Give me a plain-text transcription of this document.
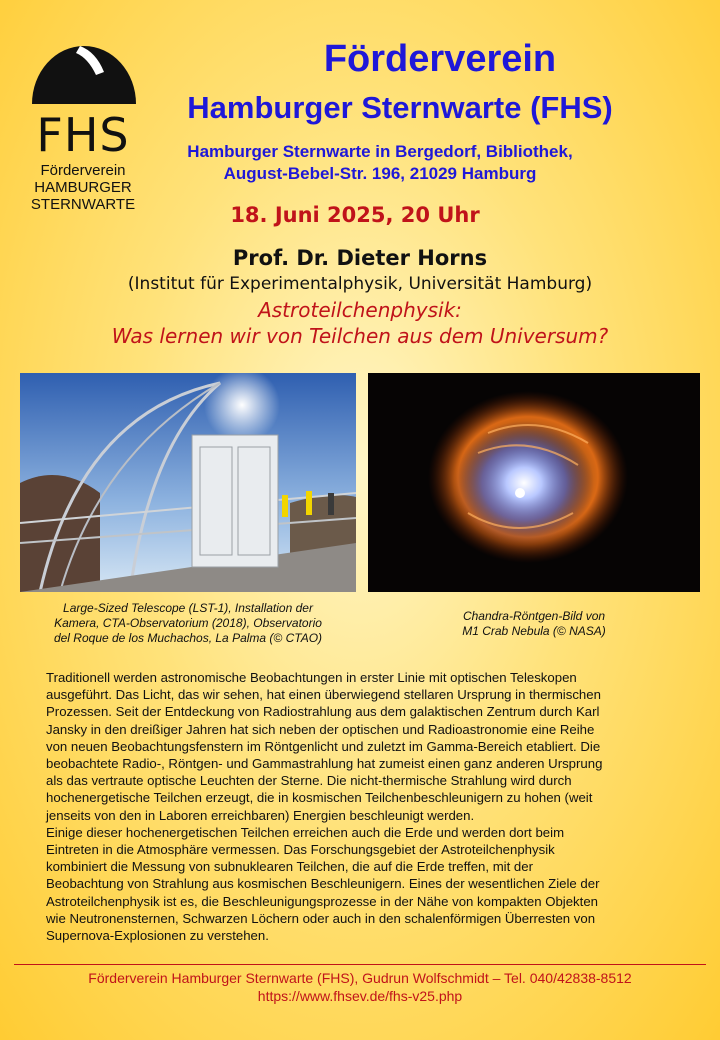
FHS
Förderverein
HAMBURGER
STERNWARTE
Förderverein
Hamburger Sternwarte (FHS)
Hamburger Sternwarte in Bergedorf, Bibliothek,
August-Bebel-Str. 196, 21029 Hamburg
18. Juni 2025, 20 Uhr
Prof. Dr. Dieter Horns
(Institut für Experimentalphysik, Universität Hamburg)
Astroteilchenphysik:
Was lernen wir von Teilchen aus dem Universum?
Large-Sized Telescope (LST-1), Installation der
Kamera, CTA-Observatorium (2018), Observatorio
del Roque de los Muchachos, La Palma (© CTAO)
Chandra-Röntgen-Bild von
M1 Crab Nebula (© NASA)
Traditionell werden astronomische Beobachtungen in erster Linie mit optischen Teleskopen
ausgeführt. Das Licht, das wir sehen, hat einen überwiegend stellaren Ursprung in thermischen
Prozessen. Seit der Entdeckung von Radiostrahlung aus dem galaktischen Zentrum durch Karl
Jansky in den dreißiger Jahren hat sich neben der optischen und Radioastronomie eine Reihe
von neuen Beobachtungsfenstern im Röntgenlicht und zuletzt im Gamma-Bereich etabliert. Die
beobachtete Radio-, Röntgen- und Gammastrahlung hat zumeist einen ganz anderen Ursprung
als das vertraute optische Leuchten der Sterne. Die nicht-thermische Strahlung wird durch
hochenergetische Teilchen erzeugt, die in kosmischen Teilchenbeschleunigern zu hohen (weit
jenseits von den in Laboren erreichbaren) Energien beschleunigt werden.
Einige dieser hochenergetischen Teilchen erreichen auch die Erde und werden dort beim
Eintreten in die Atmosphäre vermessen. Das Forschungsgebiet der Astroteilchenphysik
kombiniert die Messung von subnuklearen Teilchen, die auf die Erde treffen, mit der
Beobachtung von Strahlung aus kosmischen Beschleunigern. Eines der wesentlichen Ziele der
Astroteilchenphysik ist es, die Beschleunigungsprozesse in der Nähe von kompakten Objekten
wie Neutronensternen, Schwarzen Löchern oder auch in den schalenförmigen Überresten von
Supernova-Explosionen zu verstehen.
Förderverein Hamburger Sternwarte (FHS), Gudrun Wolfschmidt – Tel. 040/42838-8512
https://www.fhsev.de/fhs-v25.php
